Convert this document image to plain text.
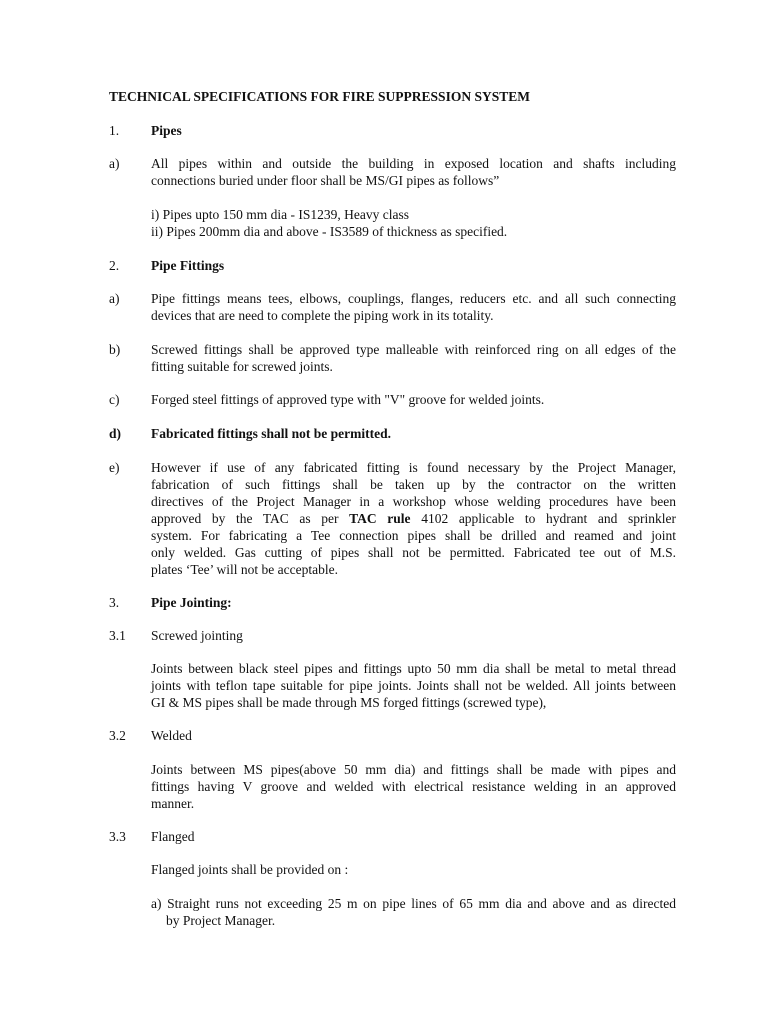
TECHNICAL SPECIFICATIONS FOR FIRE SUPPRESSION SYSTEM
1. Pipes
a) All pipes within and outside the building in exposed location and shafts including
connections buried under floor shall be MS/GI pipes as follows”
i) Pipes upto 150 mm dia - IS1239, Heavy class
ii) Pipes 200mm dia and above - IS3589 of thickness as specified.
2. Pipe Fittings
a) Pipe fittings means tees, elbows, couplings, flanges, reducers etc. and all such connecting
devices that are need to complete the piping work in its totality.
b) Screwed fittings shall be approved type malleable with reinforced ring on all edges of the
fitting suitable for screwed joints.
c) Forged steel fittings of approved type with "V" groove for welded joints.
d) Fabricated fittings shall not be permitted.
e) However if use of any fabricated fitting is found necessary by the Project Manager,
fabrication of such fittings shall be taken up by the contractor on the written
directives of the Project Manager in a workshop whose welding procedures have been
approved by the TAC as per TAC rule 4102 applicable to hydrant and sprinkler
system. For fabricating a Tee connection pipes shall be drilled and reamed and joint
only welded. Gas cutting of pipes shall not be permitted. Fabricated tee out of M.S.
plates ‘Tee’ will not be acceptable.
3. Pipe Jointing:
3.1 Screwed jointing
Joints between black steel pipes and fittings upto 50 mm dia shall be metal to metal thread
joints with teflon tape suitable for pipe joints. Joints shall not be welded. All joints between
GI & MS pipes shall be made through MS forged fittings (screwed type),
3.2 Welded
Joints between MS pipes(above 50 mm dia) and fittings shall be made with pipes and
fittings having V groove and welded with electrical resistance welding in an approved
manner.
3.3 Flanged
Flanged joints shall be provided on :
a) Straight runs not exceeding 25 m on pipe lines of 65 mm dia and above and as directed
by Project Manager.
